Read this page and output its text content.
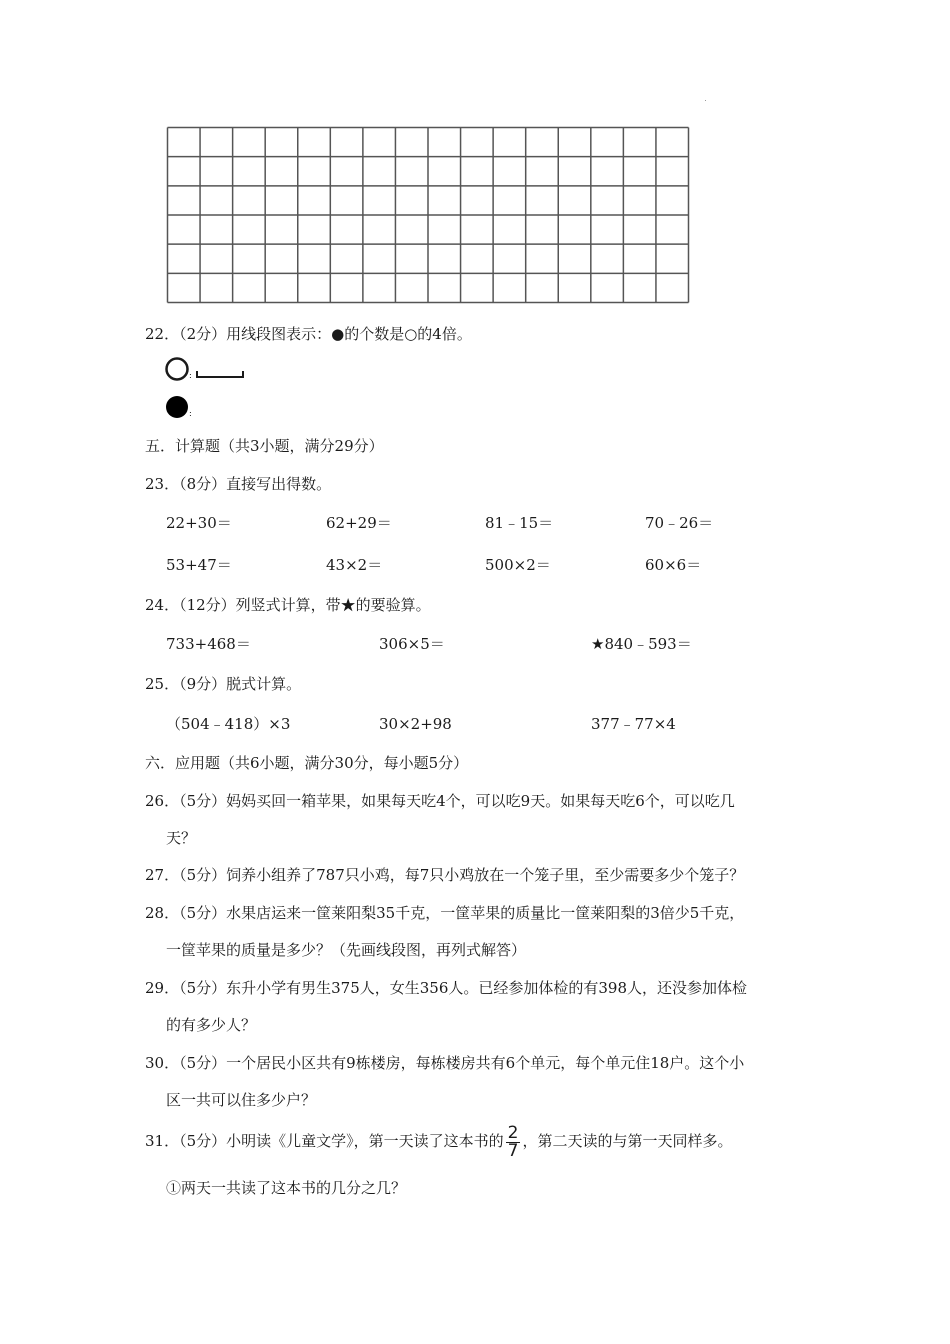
22．（2分）用线段图表示：●的个数是○的4倍。
:
:
五．计算题（共3小题，满分29分）
23．（8分）直接写出得数。
22+30＝	62+29＝	81﹣15＝	70﹣26＝
53+47＝	43×2＝	500×2＝	60×6＝
24．（12分）列竖式计算，带★的要验算。
733+468＝	306×5＝	★840﹣593＝
25．（9分）脱式计算。
（504﹣418）×3	30×2+98	377﹣77×4
六．应用题（共6小题，满分30分，每小题5分）
26．（5分）妈妈买回一箱苹果，如果每天吃4个，可以吃9天。如果每天吃6个，可以吃几
天？
27．（5分）饲养小组养了787只小鸡，每7只小鸡放在一个笼子里，至少需要多少个笼子？
28．（5分）水果店运来一筐莱阳梨35千克，一筐苹果的质量比一筐莱阳梨的3倍少5千克，
一筐苹果的质量是多少？（先画线段图，再列式解答）
29．（5分）东升小学有男生375人，女生356人。已经参加体检的有398人，还没参加体检
的有多少人？
30．（5分）一个居民小区共有9栋楼房，每栋楼房共有6个单元，每个单元住18户。这个小
区一共可以住多少户？
31．（5分）小明读《儿童文学》，第一天读了这本书的 $\frac{2}{7}$ ，第二天读的与第一天同样多。
①两天一共读了这本书的几分之几？
